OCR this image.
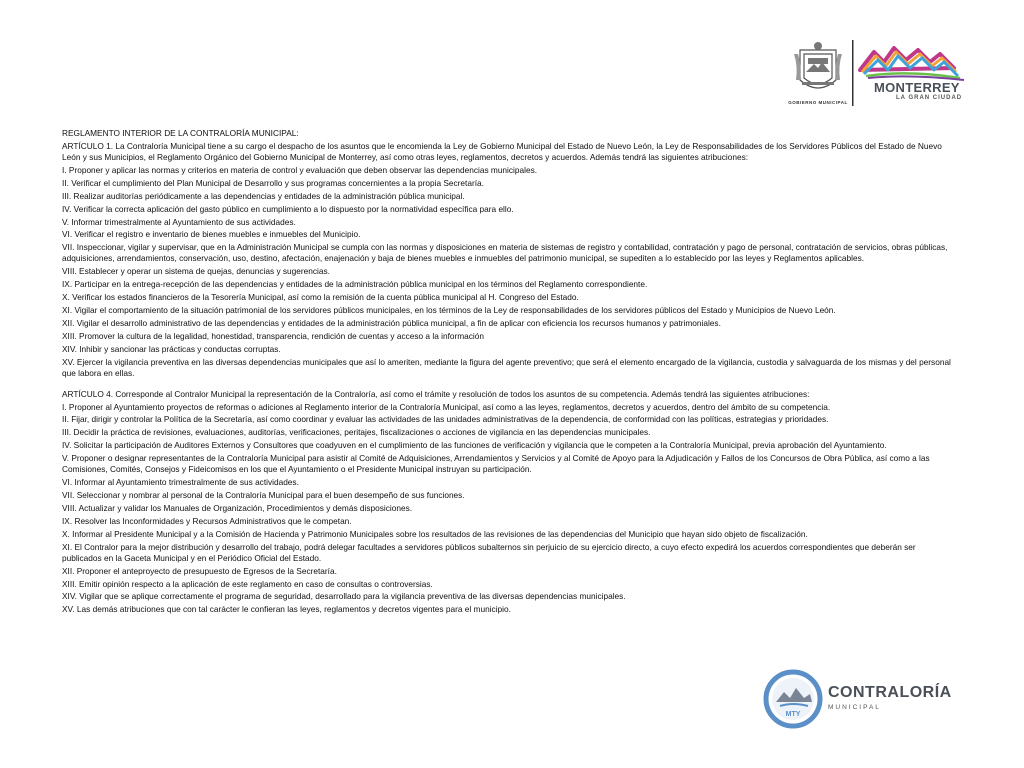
GOBIERNO MUNICIPAL
MONTERREY
LA GRAN CIUDAD

REGLAMENTO INTERIOR DE LA CONTRALORÍA MUNICIPAL:

ARTÍCULO 1. La Contraloría Municipal tiene a su cargo el despacho de los asuntos que le encomienda la Ley de Gobierno Municipal del Estado de Nuevo León, la Ley de Responsabilidades de los Servidores Públicos del Estado de Nuevo León y sus Municipios, el Reglamento Orgánico del Gobierno Municipal de Monterrey, así como otras leyes, reglamentos, decretos y acuerdos. Además tendrá las siguientes atribuciones:

I. Proponer y aplicar las normas y criterios en materia de control y evaluación que deben observar las dependencias municipales.

II. Verificar el cumplimiento del Plan Municipal de Desarrollo y sus programas concernientes a la propia Secretaría.

III. Realizar auditorías periódicamente a las dependencias y entidades de la administración pública municipal.

IV. Verificar la correcta aplicación del gasto público en cumplimiento a lo dispuesto por la normatividad específica para ello.

V. Informar trimestralmente al Ayuntamiento de sus actividades.

VI. Verificar el registro e inventario de bienes muebles e inmuebles del Municipio.

VII. Inspeccionar, vigilar y supervisar, que en la Administración Municipal se cumpla con las normas y disposiciones en materia de sistemas de registro y contabilidad, contratación y pago de personal, contratación de servicios, obras públicas, adquisiciones, arrendamientos, conservación, uso, destino, afectación, enajenación y baja de bienes muebles e inmuebles del patrimonio municipal, se supediten a lo establecido por las leyes y Reglamentos aplicables.

VIII. Establecer y operar un sistema de quejas, denuncias y sugerencias.

IX. Participar en la entrega-recepción de las dependencias y entidades de la administración pública municipal en los términos del Reglamento correspondiente.

X. Verificar los estados financieros de la Tesorería Municipal, así como la remisión de la cuenta pública municipal al H. Congreso del Estado.

XI. Vigilar el comportamiento de la situación patrimonial de los servidores públicos municipales, en los términos de la Ley de responsabilidades de los servidores públicos del Estado y Municipios de Nuevo León.

XII. Vigilar el desarrollo administrativo de las dependencias y entidades de la administración pública municipal, a fin de aplicar con eficiencia los recursos humanos y patrimoniales.

XIII. Promover la cultura de la legalidad, honestidad, transparencia, rendición de cuentas y acceso a la información

XIV. Inhibir y sancionar las prácticas y conductas corruptas.

XV. Ejercer la vigilancia preventiva en las diversas dependencias municipales que así lo ameriten, mediante la figura del agente preventivo; que será el elemento encargado de la vigilancia, custodia y salvaguarda de los mismas y del personal que labora en ellas.

ARTÍCULO 4. Corresponde al Contralor Municipal la representación de la Contraloría, así como el trámite y resolución de todos los asuntos de su competencia. Además tendrá las siguientes atribuciones:

I. Proponer al Ayuntamiento proyectos de reformas o adiciones al Reglamento interior de la Contraloría Municipal, así como a las leyes, reglamentos, decretos y acuerdos, dentro del ámbito de su competencia.

II. Fijar, dirigir y controlar la Política de la Secretaría, así como coordinar y evaluar las actividades de las unidades administrativas de la dependencia, de conformidad con las políticas, estrategias y prioridades.

III. Decidir la práctica de revisiones, evaluaciones, auditorías, verificaciones, peritajes, fiscalizaciones o acciones de vigilancia en las dependencias municipales.

IV. Solicitar la participación de Auditores Externos y Consultores que coadyuven en el cumplimiento de las funciones de verificación y vigilancia que le competen a la Contraloría Municipal, previa aprobación del Ayuntamiento.

V. Proponer o designar representantes de la Contraloría Municipal para asistir al Comité de Adquisiciones, Arrendamientos y Servicios y al Comité de Apoyo para la Adjudicación y Fallos de los Concursos de Obra Pública, así como a las Comisiones, Comités, Consejos y Fideicomisos en los que el Ayuntamiento o el Presidente Municipal instruyan su participación.

VI. Informar al Ayuntamiento trimestralmente de sus actividades.

VII. Seleccionar y nombrar al personal de la Contraloría Municipal para el buen desempeño de sus funciones.

VIII. Actualizar y validar los Manuales de Organización, Procedimientos y demás disposiciones.

IX. Resolver las Inconformidades y Recursos Administrativos que le competan.

X. Informar al Presidente Municipal y a la Comisión de Hacienda y Patrimonio Municipales sobre los resultados de las revisiones de las dependencias del Municipio que hayan sido objeto de fiscalización.

XI. El Contralor para la mejor distribución y desarrollo del trabajo, podrá delegar facultades a servidores públicos subalternos sin perjuicio de su ejercicio directo, a cuyo efecto expedirá los acuerdos correspondientes que deberán ser publicados en la Gaceta Municipal y en el Periódico Oficial del Estado.

XII. Proponer el anteproyecto de presupuesto de Egresos de la Secretaría.

XIII. Emitir opinión respecto a la aplicación de este reglamento en caso de consultas o controversias.

XIV. Vigilar que se aplique correctamente el programa de seguridad, desarrollado para la vigilancia preventiva de las diversas dependencias municipales.

XV. Las demás atribuciones que con tal carácter le confieran las leyes, reglamentos y decretos vigentes para el municipio.

MTY
CONTRALORÍA
MUNICIPAL
